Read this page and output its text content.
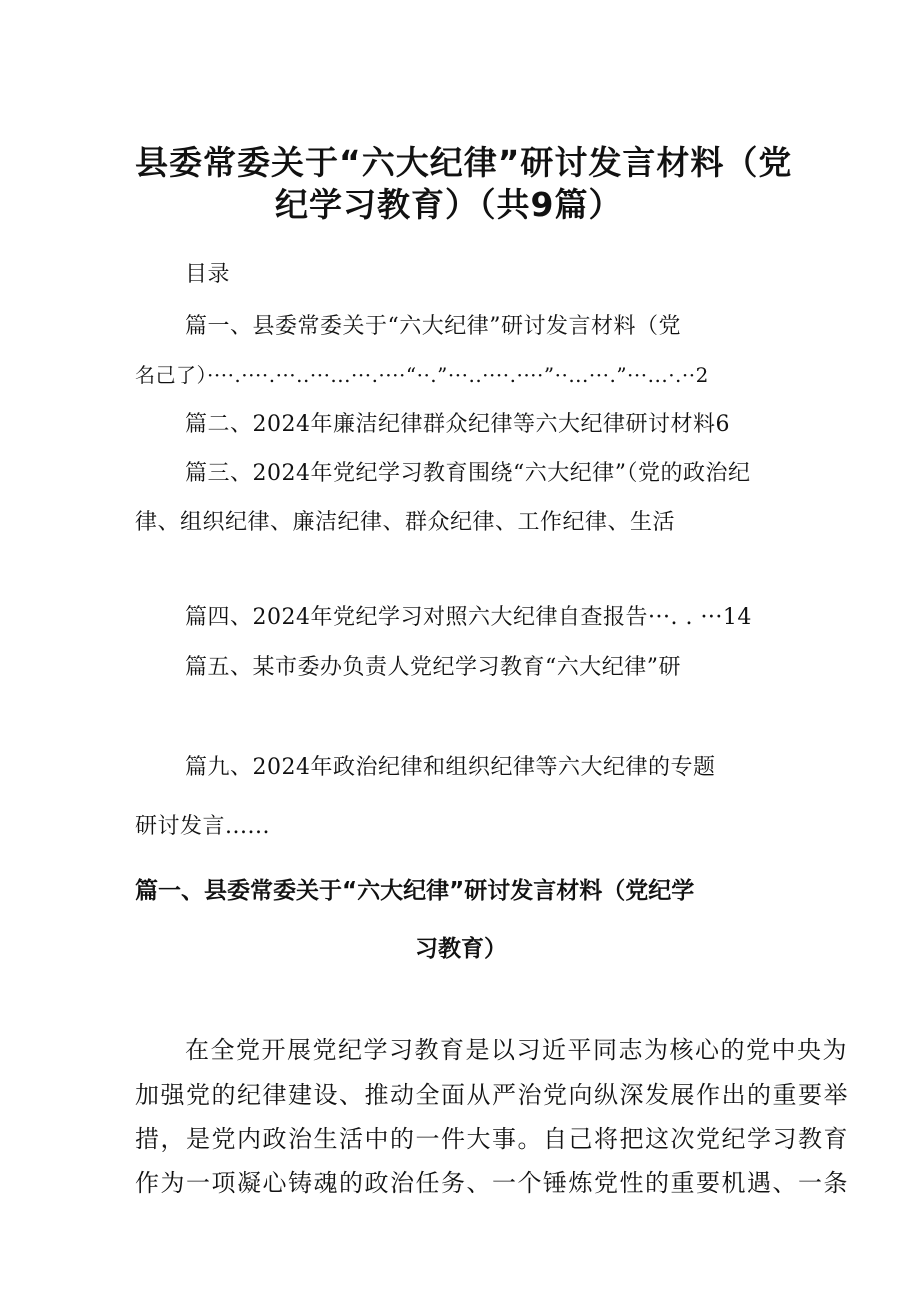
县委常委关于“六大纪律”研讨发言材料（党
纪学习教育）（共9篇）
目录
篇一、县委常委关于“六大纪律”研讨发言材料（党
名己了）····.····.···..···...···.····“··.”···..····.····”··...···.”···...·.··2
篇二、2024年廉洁纪律群众纪律等六大纪律研讨材料6
篇三、2024年党纪学习教育围绕“六大纪律”（党的政治纪
律、组织纪律、廉洁纪律、群众纪律、工作纪律、生活
篇四、2024年党纪学习对照六大纪律自查报告···. . ···14
篇五、某市委办负责人党纪学习教育“六大纪律”研
篇九、2024年政治纪律和组织纪律等六大纪律的专题
研讨发言......
篇一、县委常委关于“六大纪律”研讨发言材料（党纪学
习教育）
在全党开展党纪学习教育是以习近平同志为核心的党中央为
加强党的纪律建设、推动全面从严治党向纵深发展作出的重要举
措，是党内政治生活中的一件大事。自己将把这次党纪学习教育
作为一项凝心铸魂的政治任务、一个锤炼党性的重要机遇、一条
